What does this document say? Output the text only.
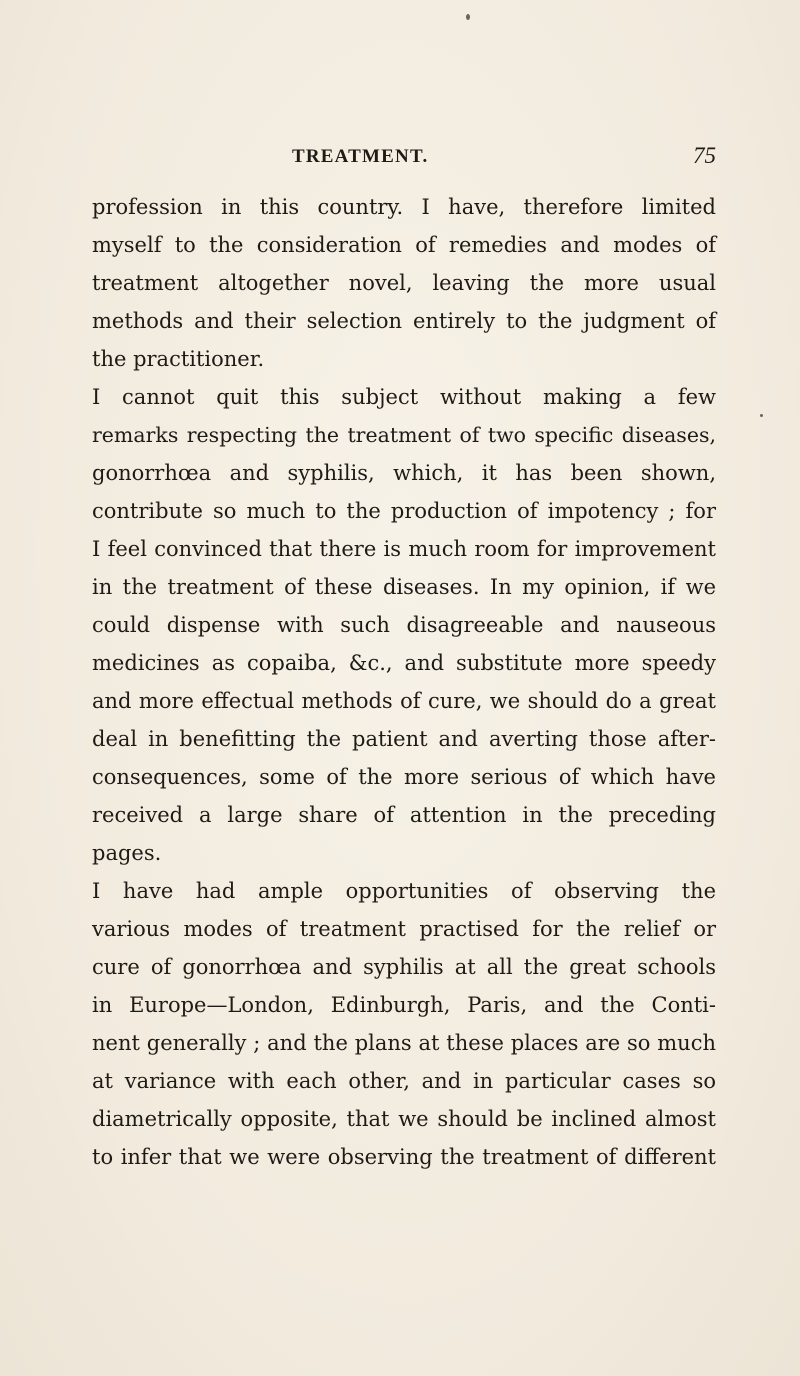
TREATMENT.	75
profession in this country. I have, therefore limited
myself to the consideration of remedies and modes of
treatment altogether novel, leaving the more usual
methods and their selection entirely to the judgment of
the practitioner.
I cannot quit this subject without making a few
remarks respecting the treatment of two specific diseases,
gonorrhœa and syphilis, which, it has been shown,
contribute so much to the production of impotency ; for
I feel convinced that there is much room for improvement
in the treatment of these diseases. In my opinion, if we
could dispense with such disagreeable and nauseous
medicines as copaiba, &c., and substitute more speedy
and more effectual methods of cure, we should do a great
deal in benefitting the patient and averting those after-
consequences, some of the more serious of which have
received a large share of attention in the preceding
pages.
I have had ample opportunities of observing the
various modes of treatment practised for the relief or
cure of gonorrhœa and syphilis at all the great schools
in Europe—London, Edinburgh, Paris, and the Conti-
nent generally ; and the plans at these places are so much
at variance with each other, and in particular cases so
diametrically opposite, that we should be inclined almost
to infer that we were observing the treatment of different
